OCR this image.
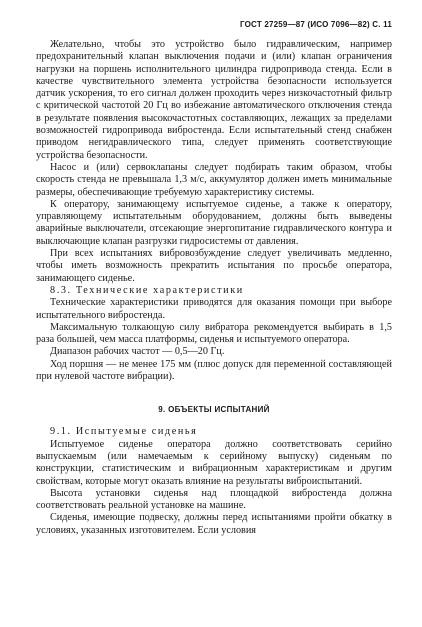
ГОСТ 27259—87 (ИСО 7096—82) С. 11

Желательно, чтобы это устройство было гидравлическим, например предохранительный клапан выключения подачи и (или) клапан ограничения нагрузки на поршень исполнительного цилиндра гидропривода стенда. Если в качестве чувствительного элемента устройства безопасности используется датчик ускорения, то его сигнал должен проходить через низкочастотный фильтр с критической частотой 20 Гц во избежание автоматического отключения стенда в результате появления высокочастотных составляющих, лежащих за пределами возможностей гидропривода вибростенда. Если испытательный стенд снабжен приводом негидравлического типа, следует применять соответствующие устройства безопасности.

Насос и (или) сервоклапаны следует подбирать таким образом, чтобы скорость стенда не превышала 1,3 м/с, аккумулятор должен иметь минимальные размеры, обеспечивающие требуемую характеристику системы.

К оператору, занимающему испытуемое сиденье, а также к оператору, управляющему испытательным оборудованием, должны быть выведены аварийные выключатели, отсекающие энергопитание гидравлического контура и выключающие клапан разгрузки гидросистемы от давления.

При всех испытаниях вибровозбуждение следует увеличивать медленно, чтобы иметь возможность прекратить испытания по просьбе оператора, занимающего сиденье.

8.3. Технические характеристики

Технические характеристики приводятся для оказания помощи при выборе испытательного вибростенда.

Максимальную толкающую силу вибратора рекомендуется выбирать в 1,5 раза большей, чем масса платформы, сиденья и испытуемого оператора.

Диапазон рабочих частот — 0,5—20 Гц.

Ход поршня — не менее 175 мм (плюс допуск для переменной составляющей при нулевой частоте вибрации).

9. ОБЪЕКТЫ ИСПЫТАНИЙ
9.1. Испытуемые сиденья

Испытуемое сиденье оператора должно соответствовать серийно выпускаемым (или намечаемым к серийному выпуску) сиденьям по конструкции, статистическим и вибрационным характеристикам и другим свойствам, которые могут оказать влияние на результаты виброиспытаний.

Высота установки сиденья над площадкой вибростенда должна соответствовать реальной установке на машине.

Сиденья, имеющие подвеску, должны перед испытаниями пройти обкатку в условиях, указанных изготовителем. Если условия
